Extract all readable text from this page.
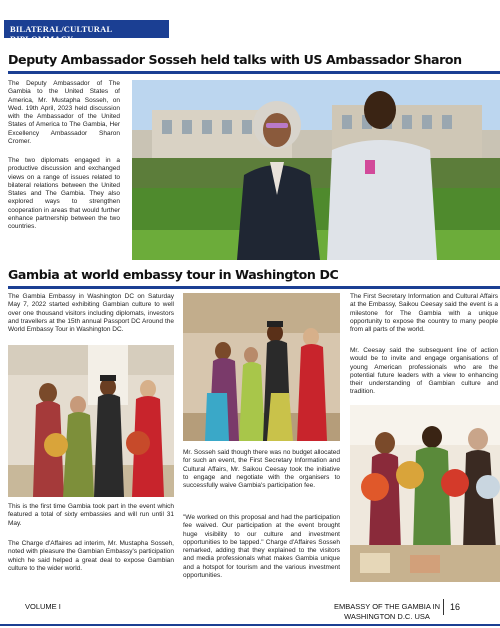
BILATERAL/CULTURAL DIPLOMMACY
Deputy Ambassador Sosseh held talks with US Ambassador Sharon
The Deputy Ambassador of The Gambia to the United States of America, Mr. Mustapha Sosseh, on Wed. 19th April, 2023 held discussion with the Ambassador of the United States of America to The Gambia, Her Excellency Ambassador Sharon Cromer.
The two diplomats engaged in a productive discussion and exchanged views on a range of issues related to bilateral relations between the United States and The Gambia. They also explored ways to strengthen cooperation in areas that would further enhance partnership between the two countries.
Gambia at world embassy tour in Washington DC
The Gambia Embassy in Washington DC on Saturday May 7, 2022 started exhibiting Gambian culture to well over one thousand visitors including diplomats, investors and travellers at the 15th annual Passport DC Around the World Embassy Tour in Washington DC.
This is the first time Gambia took part in the event which featured a total of sixty embassies and will run until 31 May.
The Charge d'Affaires ad interim, Mr. Mustapha Sosseh, noted with pleasure the Gambian Embassy's participation which he said helped a great deal to expose Gambian culture to the wider world.
Mr. Sosseh said though there was no budget allocated for such an event, the First Secretary Information and Cultural Affairs, Mr. Saikou Ceesay took the initiative to engage and negotiate with the organisers to successfully waive Gambia's participation fee.
"We worked on this proposal and had the participation fee waived. Our participation at the event brought huge visibility to our culture and investment opportunities to be tapped." Charge d'Affaires Sosseh remarked, adding that they explained to the visitors and media professionals what makes Gambia unique and a hotspot for tourism and the various investment opportunities.
The First Secretary Information and Cultural Affairs at the Embassy, Saikou Ceesay said the event is a milestone for The Gambia with a unique opportunity to expose the country to many people from all parts of the world.
Mr. Ceesay said the subsequent line of action would be to invite and engage organisations of young American professionals who are the potential future leaders with a view to enhancing their understanding of Gambian culture and tradition.
VOLUME I	EMBASSY OF THE GAMBIA IN
WASHINGTON D.C. USA
16
